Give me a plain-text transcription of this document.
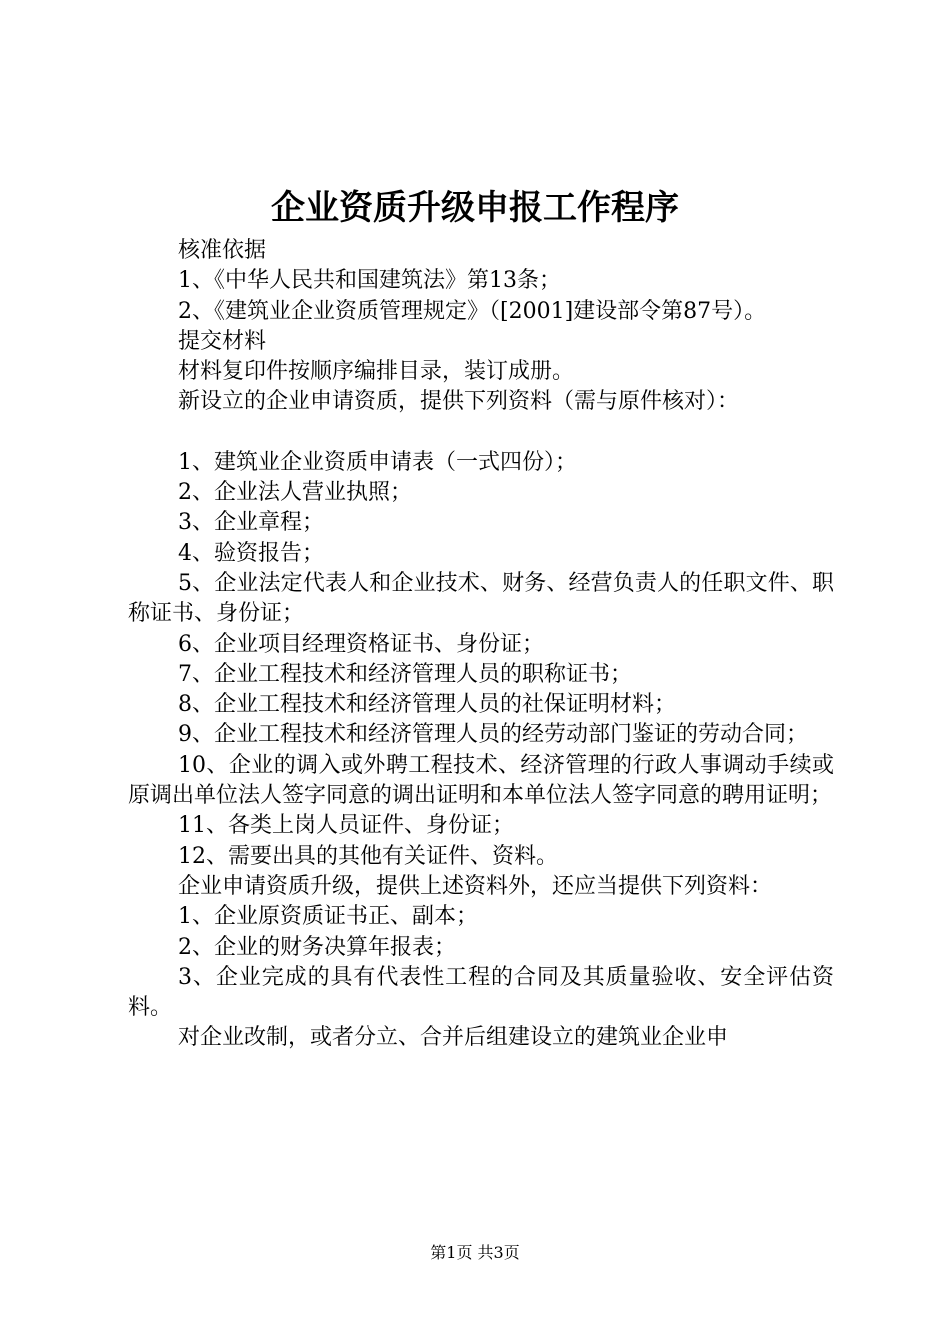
企业资质升级申报工作程序

核准依据

1、《中华人民共和国建筑法》第13条；

2、《建筑业企业资质管理规定》（[2001]建设部令第87号）。

提交材料

材料复印件按顺序编排目录，装订成册。

新设立的企业申请资质，提供下列资料（需与原件核对）：

1、建筑业企业资质申请表（一式四份）；

2、企业法人营业执照；

3、企业章程；

4、验资报告；

5、企业法定代表人和企业技术、财务、经营负责人的任职文件、职称证书、身份证；

6、企业项目经理资格证书、身份证；

7、企业工程技术和经济管理人员的职称证书；

8、企业工程技术和经济管理人员的社保证明材料；

9、企业工程技术和经济管理人员的经劳动部门鉴证的劳动合同；

10、企业的调入或外聘工程技术、经济管理的行政人事调动手续或原调出单位法人签字同意的调出证明和本单位法人签字同意的聘用证明；

11、各类上岗人员证件、身份证；

12、需要出具的其他有关证件、资料。

企业申请资质升级，提供上述资料外，还应当提供下列资料：

1、企业原资质证书正、副本；

2、企业的财务决算年报表；

3、企业完成的具有代表性工程的合同及其质量验收、安全评估资料。

对企业改制，或者分立、合并后组建设立的建筑业企业申

第1页 共3页
